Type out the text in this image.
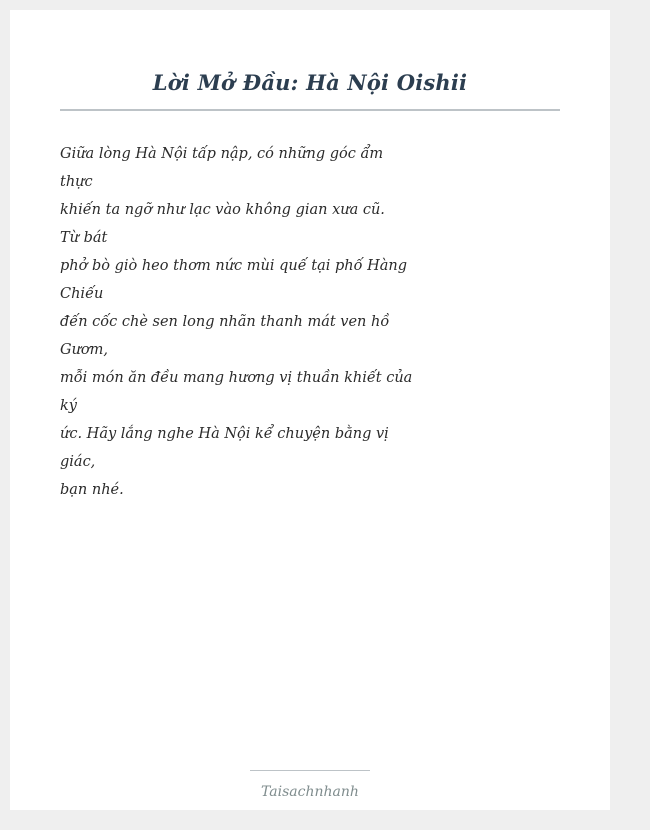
Lời Mở Đầu: Hà Nội Oishii
Giữa lòng Hà Nội tấp nập, có những góc ẩm
thực
khiến ta ngỡ như lạc vào không gian xưa cũ.
Từ bát
phở bò giò heo thơm nức mùi quế tại phố Hàng
Chiếu
đến cốc chè sen long nhãn thanh mát ven hồ
Gươm,
mỗi món ăn đều mang hương vị thuần khiết của
ký
ức. Hãy lắng nghe Hà Nội kể chuyện bằng vị
giác,
bạn nhé.
Taisachnhanh
